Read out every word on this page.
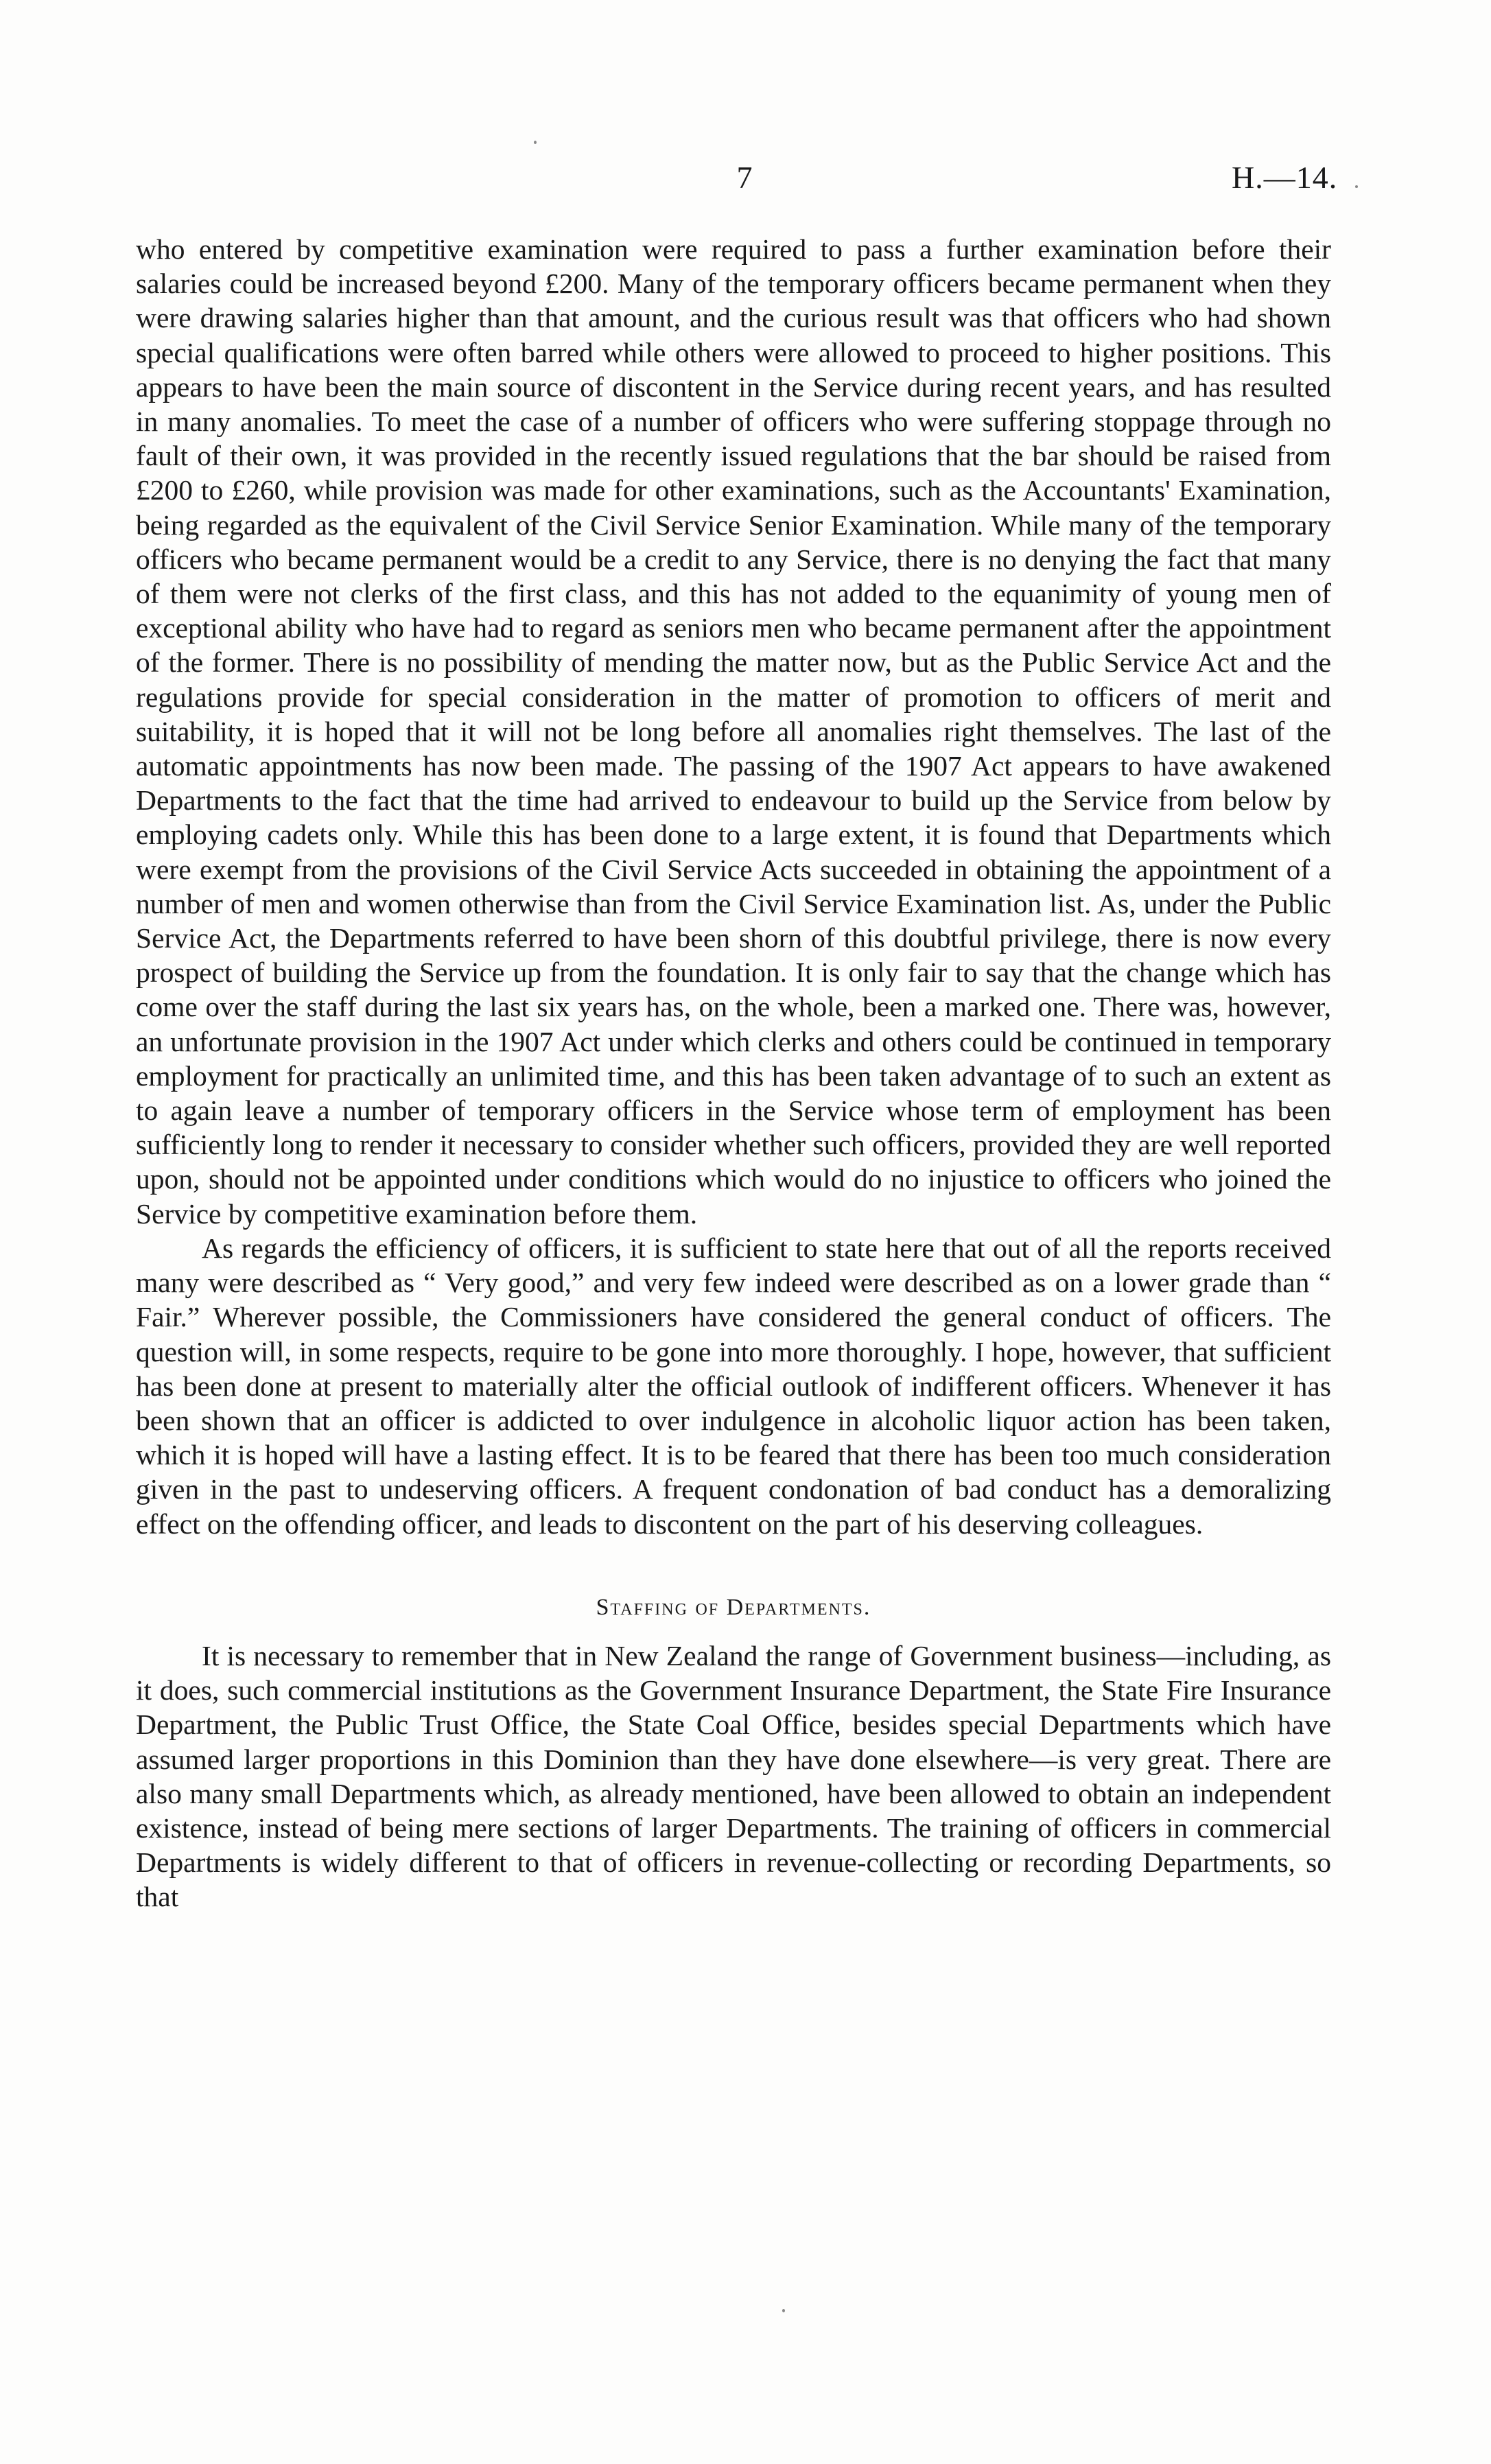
7	H.—14.

who entered by competitive examination were required to pass a further examination before their salaries could be increased beyond £200. Many of the temporary officers became permanent when they were drawing salaries higher than that amount, and the curious result was that officers who had shown special qualifications were often barred while others were allowed to proceed to higher positions. This appears to have been the main source of discontent in the Service during recent years, and has resulted in many anomalies. To meet the case of a number of officers who were suffering stoppage through no fault of their own, it was provided in the recently issued regulations that the bar should be raised from £200 to £260, while provision was made for other examinations, such as the Accountants' Examination, being regarded as the equivalent of the Civil Service Senior Examination. While many of the temporary officers who became permanent would be a credit to any Service, there is no denying the fact that many of them were not clerks of the first class, and this has not added to the equanimity of young men of exceptional ability who have had to regard as seniors men who became permanent after the appointment of the former. There is no possibility of mending the matter now, but as the Public Service Act and the regulations provide for special consideration in the matter of promotion to officers of merit and suitability, it is hoped that it will not be long before all anomalies right themselves. The last of the automatic appointments has now been made. The passing of the 1907 Act appears to have awakened Departments to the fact that the time had arrived to endeavour to build up the Service from below by employing cadets only. While this has been done to a large extent, it is found that Departments which were exempt from the provisions of the Civil Service Acts succeeded in obtaining the appointment of a number of men and women otherwise than from the Civil Service Examination list. As, under the Public Service Act, the Departments referred to have been shorn of this doubtful privilege, there is now every prospect of building the Service up from the foundation. It is only fair to say that the change which has come over the staff during the last six years has, on the whole, been a marked one. There was, however, an unfortunate provision in the 1907 Act under which clerks and others could be continued in temporary employment for practically an unlimited time, and this has been taken advantage of to such an extent as to again leave a number of temporary officers in the Service whose term of employment has been sufficiently long to render it necessary to consider whether such officers, provided they are well reported upon, should not be appointed under conditions which would do no injustice to officers who joined the Service by competitive examination before them.

As regards the efficiency of officers, it is sufficient to state here that out of all the reports received many were described as “ Very good,” and very few indeed were described as on a lower grade than “ Fair.” Wherever possible, the Commissioners have considered the general conduct of officers. The question will, in some respects, require to be gone into more thoroughly. I hope, however, that sufficient has been done at present to materially alter the official outlook of indifferent officers. Whenever it has been shown that an officer is addicted to over indulgence in alcoholic liquor action has been taken, which it is hoped will have a lasting effect. It is to be feared that there has been too much consideration given in the past to undeserving officers. A frequent condonation of bad conduct has a demoralizing effect on the offending officer, and leads to discontent on the part of his deserving colleagues.

Staffing of Departments.

It is necessary to remember that in New Zealand the range of Government business—including, as it does, such commercial institutions as the Government Insurance Department, the State Fire Insurance Department, the Public Trust Office, the State Coal Office, besides special Departments which have assumed larger proportions in this Dominion than they have done elsewhere—is very great. There are also many small Departments which, as already mentioned, have been allowed to obtain an independent existence, instead of being mere sections of larger Departments. The training of officers in commercial Departments is widely different to that of officers in revenue-collecting or recording Departments, so that
